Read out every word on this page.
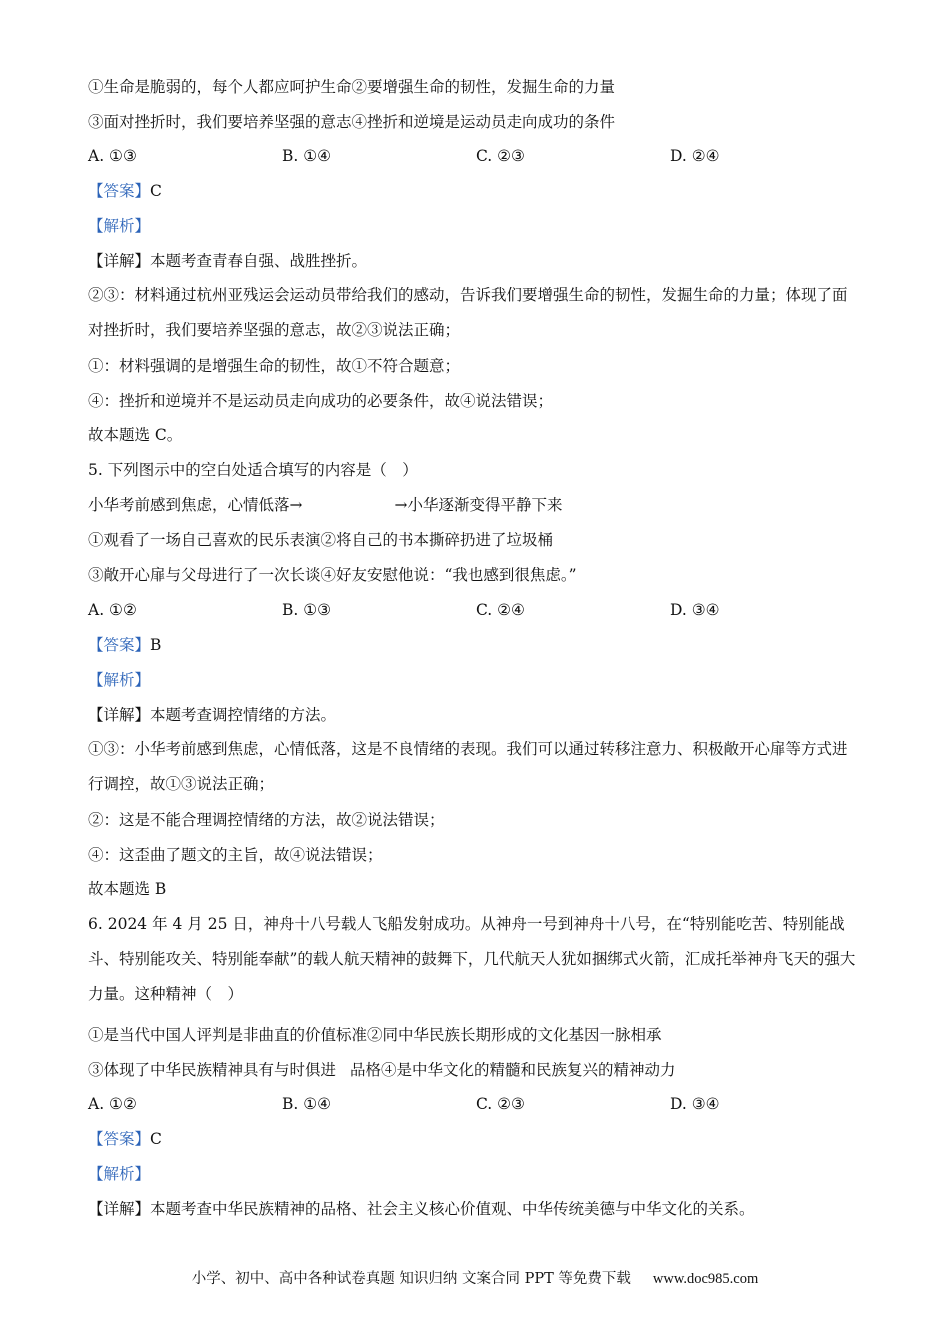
①生命是脆弱的，每个人都应呵护生命②要增强生命的韧性，发掘生命的力量
③面对挫折时，我们要培养坚强的意志④挫折和逆境是运动员走向成功的条件
A. ①③	B. ①④	C. ②③	D. ②④
【答案】C
【解析】
【详解】本题考查青春自强、战胜挫折。
②③：材料通过杭州亚残运会运动员带给我们的感动，告诉我们要增强生命的韧性，发掘生命的力量；体现了面对挫折时，我们要培养坚强的意志，故②③说法正确；
①：材料强调的是增强生命的韧性，故①不符合题意；
④：挫折和逆境并不是运动员走向成功的必要条件，故④说法错误；
故本题选 C。
5. 下列图示中的空白处适合填写的内容是（　）
小华考前感到焦虑，心情低落→	→小华逐渐变得平静下来
①观看了一场自己喜欢的民乐表演②将自己的书本撕碎扔进了垃圾桶
③敞开心扉与父母进行了一次长谈④好友安慰他说：“我也感到很焦虑。”
A. ①②	B. ①③	C. ②④	D. ③④
【答案】B
【解析】
【详解】本题考查调控情绪的方法。
①③：小华考前感到焦虑，心情低落，这是不良情绪的表现。我们可以通过转移注意力、积极敞开心扉等方式进行调控，故①③说法正确；
②：这是不能合理调控情绪的方法，故②说法错误；
④：这歪曲了题文的主旨，故④说法错误；
故本题选 B
6. 2024 年 4 月 25 日，神舟十八号载人飞船发射成功。从神舟一号到神舟十八号，在“特别能吃苦、特别能战斗、特别能攻关、特别能奉献”的载人航天精神的鼓舞下，几代航天人犹如捆绑式火箭，汇成托举神舟飞天的强大力量。这种精神（　）
①是当代中国人评判是非曲直的价值标准②同中华民族长期形成的文化基因一脉相承
③体现了中华民族精神具有与时俱进 品格④是中华文化的精髓和民族复兴的精神动力
A. ①②	B. ①④	C. ②③	D. ③④
【答案】C
【解析】
【详解】本题考查中华民族精神的品格、社会主义核心价值观、中华传统美德与中华文化的关系。
小学、初中、高中各种试卷真题 知识归纳 文案合同 PPT 等免费下载 www.doc985.com
